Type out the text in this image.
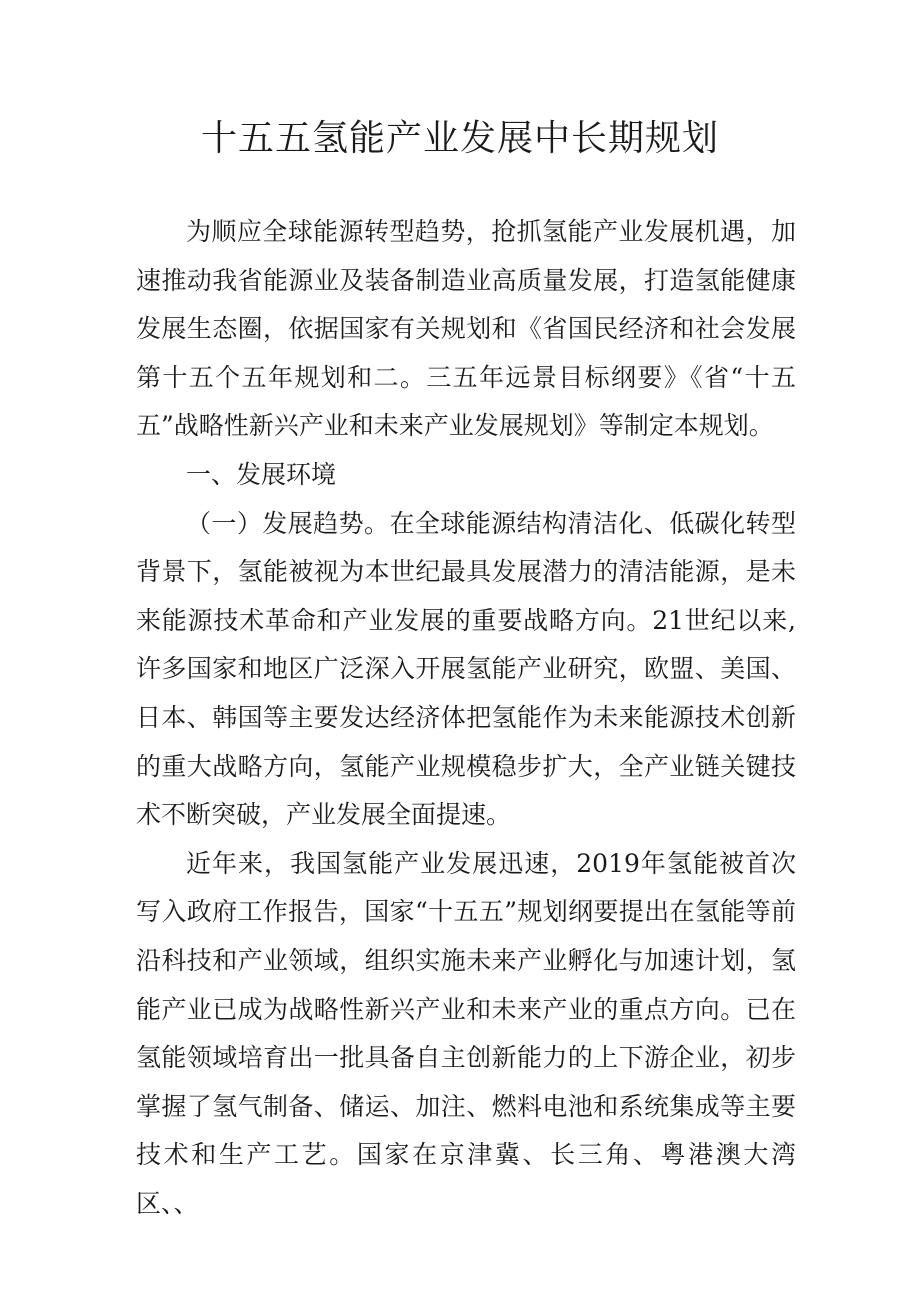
十五五氢能产业发展中长期规划

为顺应全球能源转型趋势，抢抓氢能产业发展机遇，加速推动我省能源业及装备制造业高质量发展，打造氢能健康发展生态圈，依据国家有关规划和《省国民经济和社会发展第十五个五年规划和二。三五年远景目标纲要》《省“十五五”战略性新兴产业和未来产业发展规划》等制定本规划。

一、发展环境

（一）发展趋势。在全球能源结构清洁化、低碳化转型背景下，氢能被视为本世纪最具发展潜力的清洁能源，是未来能源技术革命和产业发展的重要战略方向。21世纪以来,许多国家和地区广泛深入开展氢能产业研究，欧盟、美国、日本、韩国等主要发达经济体把氢能作为未来能源技术创新的重大战略方向，氢能产业规模稳步扩大，全产业链关键技术不断突破，产业发展全面提速。

近年来，我国氢能产业发展迅速，2019年氢能被首次写入政府工作报告，国家“十五五”规划纲要提出在氢能等前沿科技和产业领域，组织实施未来产业孵化与加速计划，氢能产业已成为战略性新兴产业和未来产业的重点方向。已在氢能领域培育出一批具备自主创新能力的上下游企业，初步掌握了氢气制备、储运、加注、燃料电池和系统集成等主要技术和生产工艺。国家在京津冀、长三角、粤港澳大湾区、、
